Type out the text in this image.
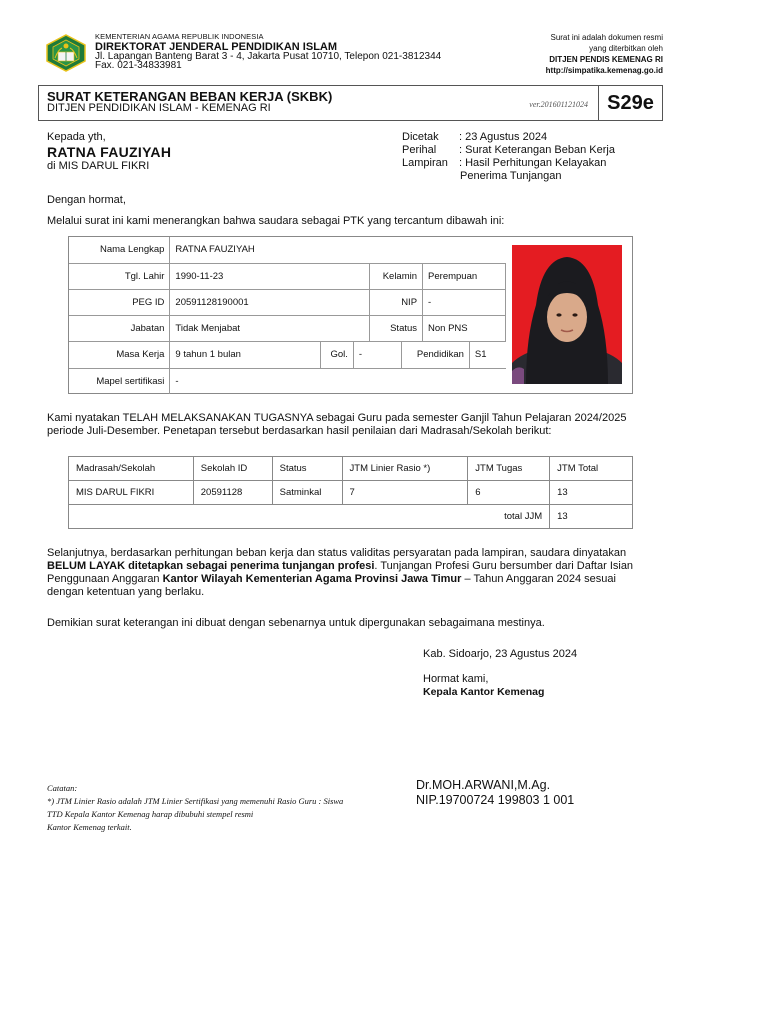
KEMENTERIAN AGAMA REPUBLIK INDONESIA
DIREKTORAT JENDERAL PENDIDIKAN ISLAM
Jl. Lapangan Banteng Barat 3 - 4, Jakarta Pusat 10710, Telepon 021-3812344
Fax. 021-34833981
Surat ini adalah dokumen resmi
yang diterbitkan oleh
DITJEN PENDIS KEMENAG RI
http://simpatika.kemenag.go.id
SURAT KETERANGAN BEBAN KERJA (SKBK)
DITJEN PENDIDIKAN ISLAM - KEMENAG RI	ver.201601121024 S29e
Kepada yth,
RATNA FAUZIYAH
di MIS DARUL FIKRI
Dicetak : 23 Agustus 2024
Perihal : Surat Keterangan Beban Kerja
Lampiran : Hasil Perhitungan Kelayakan
Penerima Tunjangan
Dengan hormat,
Melalui surat ini kami menerangkan bahwa saudara sebagai PTK yang tercantum dibawah ini:
Nama Lengkap	RATNA FAUZIYAH
Tgl. Lahir	1990-11-23	Kelamin	Perempuan
PEG ID	20591128190001	NIP	-
Jabatan	Tidak Menjabat	Status	Non PNS
Masa Kerja	9 tahun 1 bulan	Gol.	-	Pendidikan	S1

Mapel sertifikasi	-
Kami nyatakan TELAH MELAKSANAKAN TUGASNYA sebagai Guru pada semester Ganjil Tahun Pelajaran 2024/2025
periode Juli-Desember. Penetapan tersebut berdasarkan hasil penilaian dari Madrasah/Sekolah berikut:
Madrasah/Sekolah	Sekolah ID	Status	JTM Linier Rasio *)	JTM Tugas	JTM Total
MIS DARUL FIKRI	20591128	Satminkal	7	6	13
total JJM					13
Selanjutnya, berdasarkan perhitungan beban kerja dan status validitas persyaratan pada lampiran, saudara dinyatakan
BELUM LAYAK ditetapkan sebagai penerima tunjangan profesi. Tunjangan Profesi Guru bersumber dari Daftar Isian
Penggunaan Anggaran Kantor Wilayah Kementerian Agama Provinsi Jawa Timur – Tahun Anggaran 2024 sesuai
dengan ketentuan yang berlaku.
Demikian surat keterangan ini dibuat dengan sebenarnya untuk dipergunakan sebagaimana mestinya.
Kab. Sidoarjo, 23 Agustus 2024
Hormat kami,
Kepala Kantor Kemenag
Dr.MOH.ARWANI,M.Ag.
NIP.19700724 199803 1 001
Catatan:
*) JTM Linier Rasio adalah JTM Linier Sertifikasi yang memenuhi Rasio Guru : Siswa
TTD Kepala Kantor Kemenag harap dibubuhi stempel resmi
Kantor Kemenag terkait.
